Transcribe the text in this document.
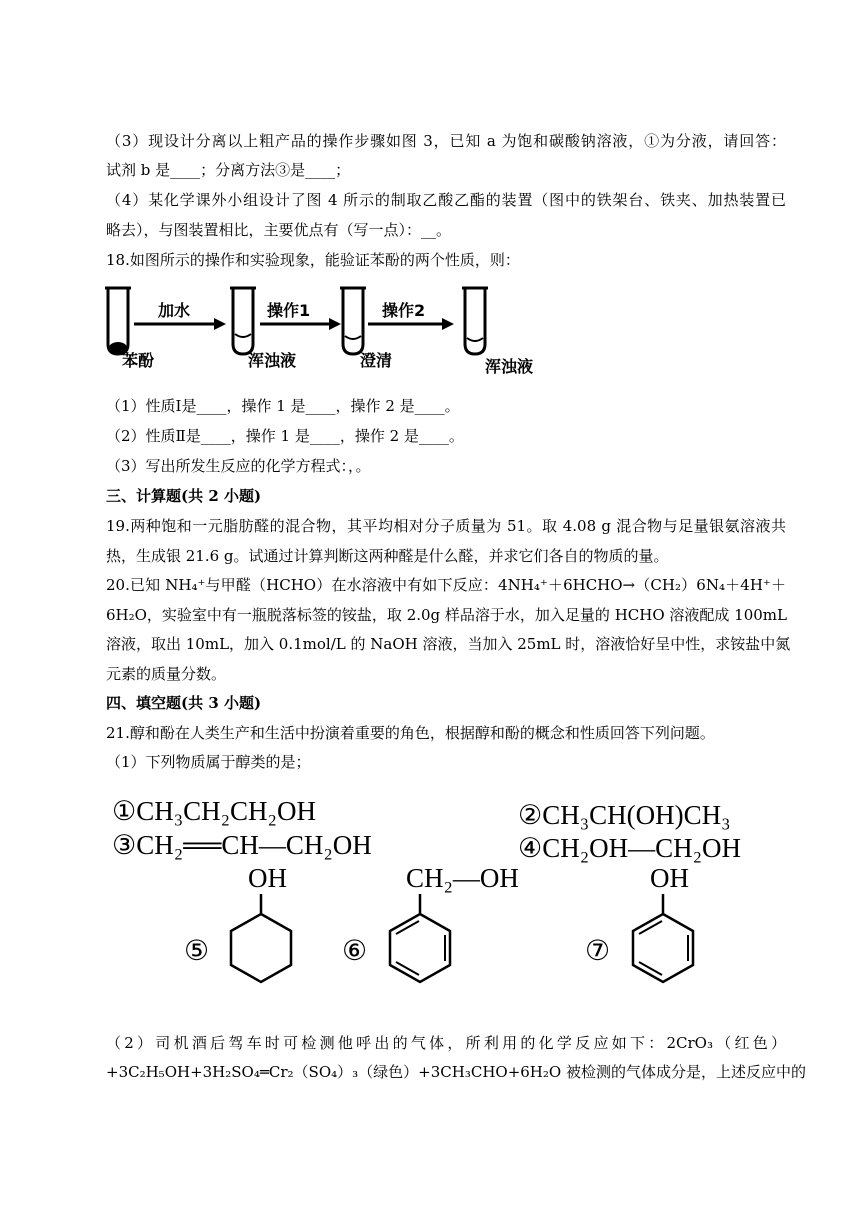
（3）现设计分离以上粗产品的操作步骤如图 3，已知 a 为饱和碳酸钠溶液，①为分液，请回答：
试剂 b 是____；分离方法③是____；
（4）某化学课外小组设计了图 4 所示的制取乙酸乙酯的装置（图中的铁架台、铁夹、加热装置已
略去），与图装置相比，主要优点有（写一点）：__。
18.如图所示的操作和实验现象，能验证苯酚的两个性质，则：
加水	操作1	操作2
苯酚	浑浊液	澄清	浑浊液
（1）性质Ⅰ是____，操作 1 是____，操作 2 是____。
（2）性质Ⅱ是____，操作 1 是____，操作 2 是____。
（3）写出所发生反应的化学方程式：，。
三、计算题(共 2 小题)
19.两种饱和一元脂肪醛的混合物，其平均相对分子质量为 51。取 4.08 g 混合物与足量银氨溶液共
热，生成银 21.6 g。试通过计算判断这两种醛是什么醛，并求它们各自的物质的量。
20.已知 NH₄⁺与甲醛（HCHO）在水溶液中有如下反应：4NH₄⁺＋6HCHO→（CH₂）6N₄＋4H⁺＋
6H₂O，实验室中有一瓶脱落标签的铵盐，取 2.0g 样品溶于水，加入足量的 HCHO 溶液配成 100mL
溶液，取出 10mL，加入 0.1mol/L 的 NaOH 溶液，当加入 25mL 时，溶液恰好呈中性，求铵盐中氮
元素的质量分数。
四、填空题(共 3 小题)
21.醇和酚在人类生产和生活中扮演着重要的角色，根据醇和酚的概念和性质回答下列问题。
（1）下列物质属于醇类的是；
①CH₃CH₂CH₂OH	②CH₃CH(OH)CH₃
③CH₂══CH—CH₂OH	④CH₂OH—CH₂OH
OH
⑤
CH₂—OH
⑥
OH
⑦
（2）司机酒后驾车时可检测他呼出的气体，所利用的化学反应如下：2CrO₃（红色）
+3C₂H₅OH+3H₂SO₄═Cr₂（SO₄）₃（绿色）+3CH₃CHO+6H₂O 被检测的气体成分是，上述反应中的
